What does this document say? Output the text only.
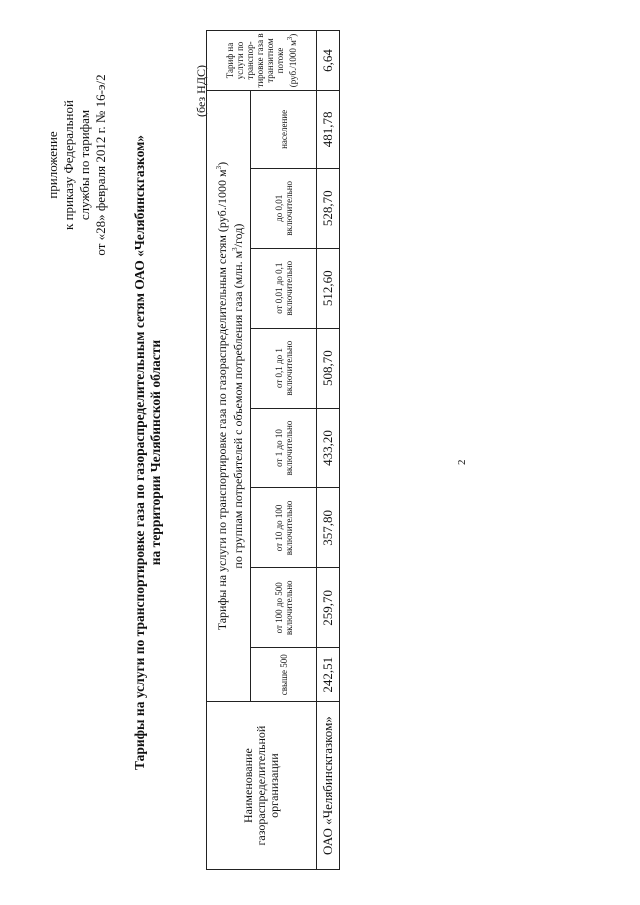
приложение к приказу Федеральной службы по тарифам от «28» февраля 2012 г. № 16-э/2 Тарифы на услуги по транспортировке газа по газораспределительным сетям ОАО «Челябинскгазком» на территории Челябинской области
(без НДС)
Наименование газораспределительной организации	Тарифы на услуги по транспортировке газа по газораспределительным сетям (руб./1000 $м^3$)
по группам потребителей с объемом потребления газа (млн. $м^3/год$)								Тариф на услуги по транспор-тировке газа в транзитном потоке (руб./1000 $м^3$)
	свыше 500	от 100 до 500 включительно	от 10 до 100 включительно	от 1 до 10 включительно	от 0,1 до 1 включительно	от 0,01 до 0,1 включительно	до 0,01 включительно	население	
ОАО «Челябинскгазком»	242,51	259,70	357,80	433,20	508,70	512,60	528,70	481,78	6,64
2
